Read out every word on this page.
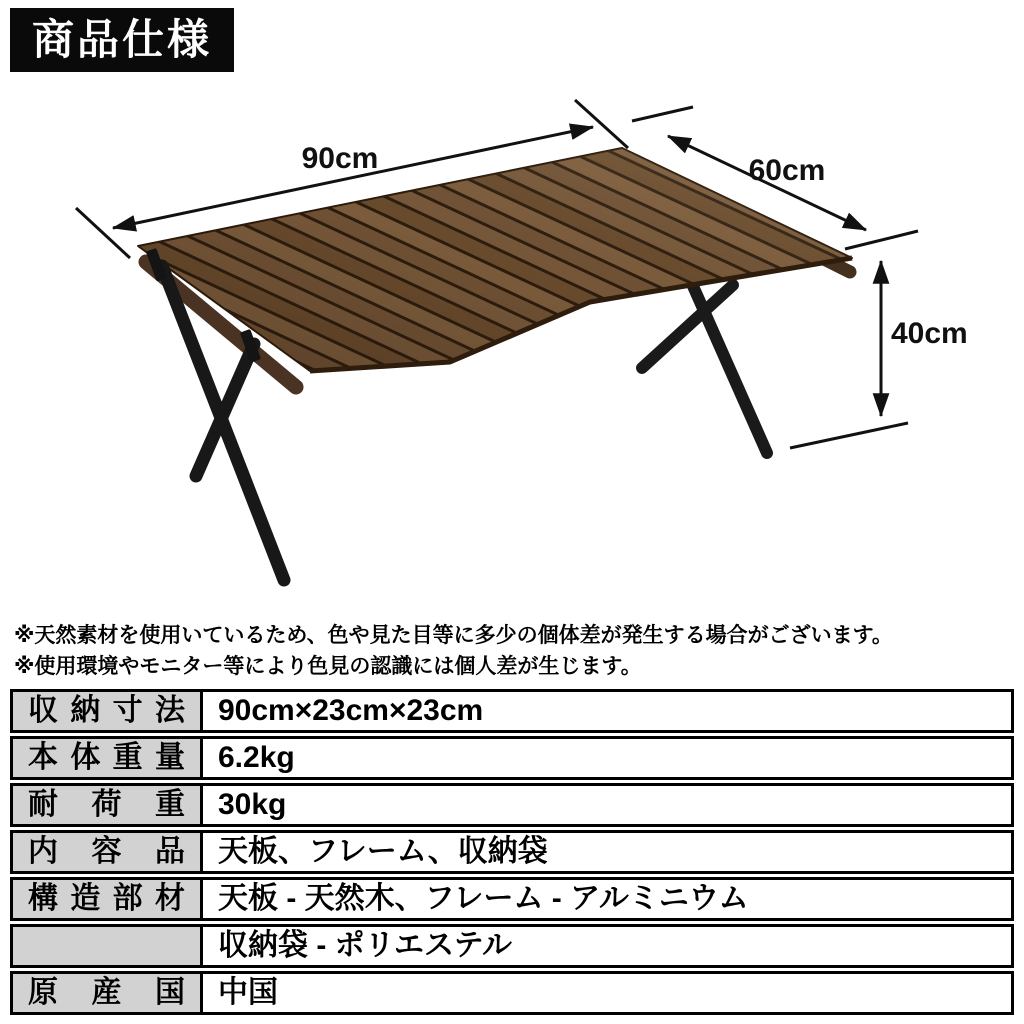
90cm	60cm
40cm
商品仕様

※天然素材を使用いているため、色や見た目等に多少の個体差が発生する場合がございます。

※使用環境やモニター等により色見の認識には個人差が生じます。

収納寸法	90cm×23cm×23cm
本体重量	6.2kg
耐荷重	30kg
内容品	天板、フレーム、収納袋
構造部材	天板 - 天然木、フレーム - アルミニウム
収納袋 - ポリエステル
原産国	中国
